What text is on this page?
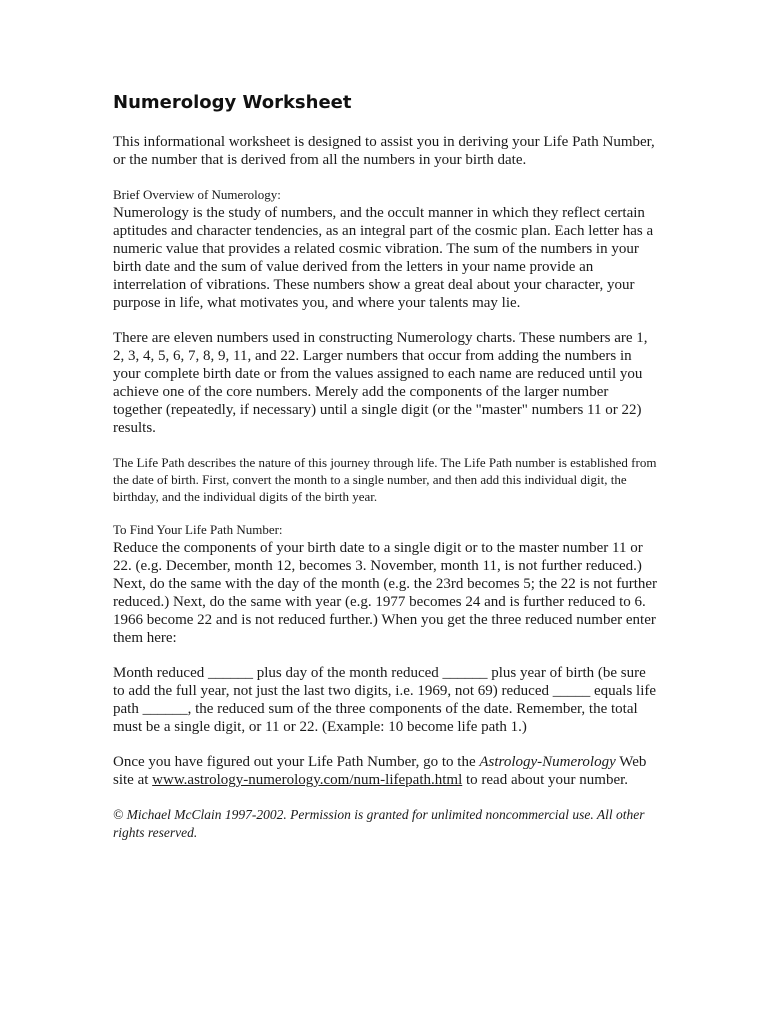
Numerology Worksheet

This informational worksheet is designed to assist you in deriving your Life Path Number, or the number that is derived from all the numbers in your birth date.

Brief Overview of Numerology:

Numerology is the study of numbers, and the occult manner in which they reflect certain aptitudes and character tendencies, as an integral part of the cosmic plan. Each letter has a numeric value that provides a related cosmic vibration. The sum of the numbers in your birth date and the sum of value derived from the letters in your name provide an interrelation of vibrations. These numbers show a great deal about your character, your purpose in life, what motivates you, and where your talents may lie.

There are eleven numbers used in constructing Numerology charts. These numbers are 1, 2, 3, 4, 5, 6, 7, 8, 9, 11, and 22. Larger numbers that occur from adding the numbers in your complete birth date or from the values assigned to each name are reduced until you achieve one of the core numbers. Merely add the components of the larger number together (repeatedly, if necessary) until a single digit (or the "master" numbers 11 or 22) results.

The Life Path describes the nature of this journey through life. The Life Path number is established from the date of birth. First, convert the month to a single number, and then add this individual digit, the birthday, and the individual digits of the birth year.

To Find Your Life Path Number:

Reduce the components of your birth date to a single digit or to the master number 11 or 22. (e.g. December, month 12, becomes 3. November, month 11, is not further reduced.) Next, do the same with the day of the month (e.g. the 23rd becomes 5; the 22 is not further reduced.) Next, do the same with year (e.g. 1977 becomes 24 and is further reduced to 6. 1966 become 22 and is not reduced further.) When you get the three reduced number enter them here:

Month reduced ______ plus day of the month reduced ______ plus year of birth (be sure to add the full year, not just the last two digits, i.e. 1969, not 69) reduced _____ equals life path ______, the reduced sum of the three components of the date. Remember, the total must be a single digit, or 11 or 22. (Example: 10 become life path 1.)

Once you have figured out your Life Path Number, go to the Astrology-Numerology Web site at www.astrology-numerology.com/num-lifepath.html to read about your number.

© Michael McClain 1997-2002. Permission is granted for unlimited noncommercial use. All other rights reserved.
